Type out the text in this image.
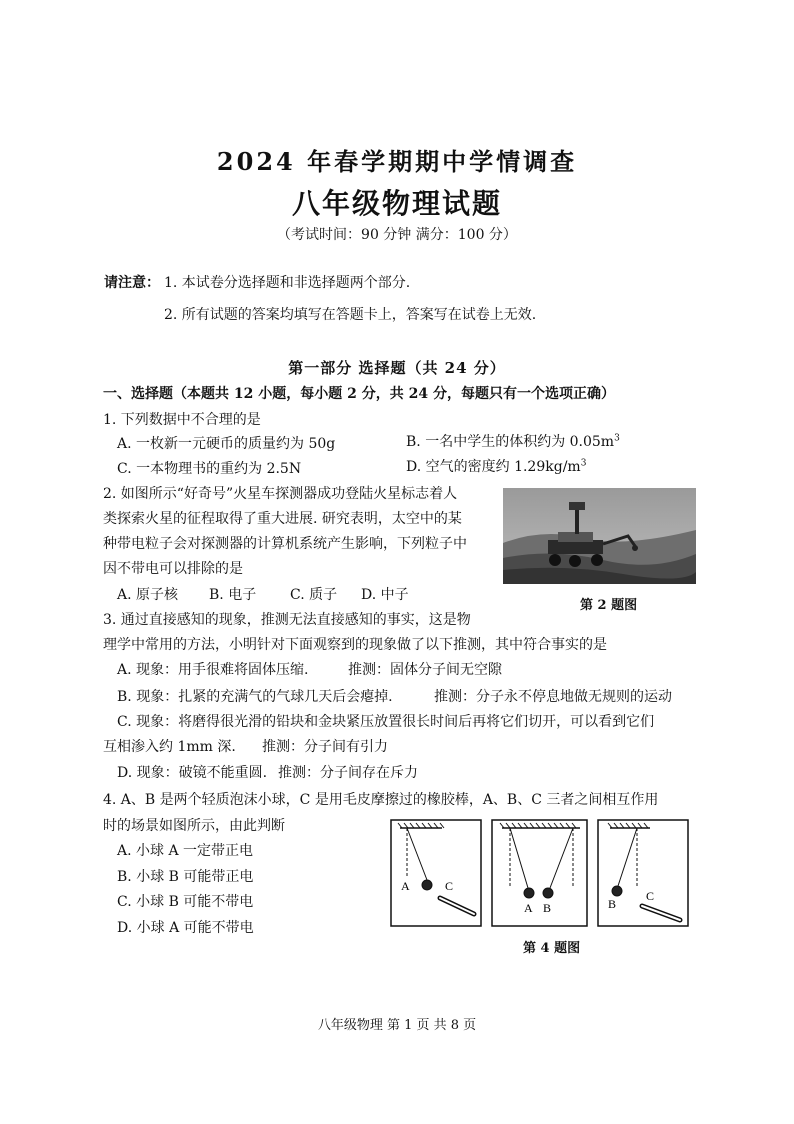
2024 年春学期期中学情调查
八年级物理试题
（考试时间：90 分钟 满分：100 分）
请注意： 1. 本试卷分选择题和非选择题两个部分.
2. 所有试题的答案均填写在答题卡上，答案写在试卷上无效.
第一部分 选择题（共 24 分）
一、选择题（本题共 12 小题，每小题 2 分，共 24 分，每题只有一个选项正确）
1. 下列数据中不合理的是
A. 一枚新一元硬币的质量约为 50g	B. 一名中学生的体积约为 $0.05m^3$
C. 一本物理书的重约为 2.5N	D. 空气的密度约 $1.29kg/m^3$
2. 如图所示“好奇号”火星车探测器成功登陆火星标志着人
类探索火星的征程取得了重大进展. 研究表明，太空中的某
种带电粒子会对探测器的计算机系统产生影响，下列粒子中
因不带电可以排除的是
A. 原子核 B. 电子 C. 质子 D. 中子
第 2 题图
3. 通过直接感知的现象，推测无法直接感知的事实，这是物
理学中常用的方法，小明针对下面观察到的现象做了以下推测，其中符合事实的是
A. 现象：用手很难将固体压缩.	推测：固体分子间无空隙
B. 现象：扎紧的充满气的气球几天后会瘪掉.	推测：分子永不停息地做无规则的运动
C. 现象：将磨得很光滑的铅块和金块紧压放置很长时间后再将它们切开，可以看到它们
互相渗入约 1mm 深. 推测：分子间有引力
D. 现象：破镜不能重圆. 推测：分子间存在斥力
4. A、B 是两个轻质泡沫小球，C 是用毛皮摩擦过的橡胶棒，A、B、C 三者之间相互作用
时的场景如图所示，由此判断
A. 小球 A 一定带正电
B. 小球 B 可能带正电
C. 小球 B 可能不带电
D. 小球 A 可能不带电
A	C
A B	B
C
第 4 题图
八年级物理 第 1 页 共 8 页
